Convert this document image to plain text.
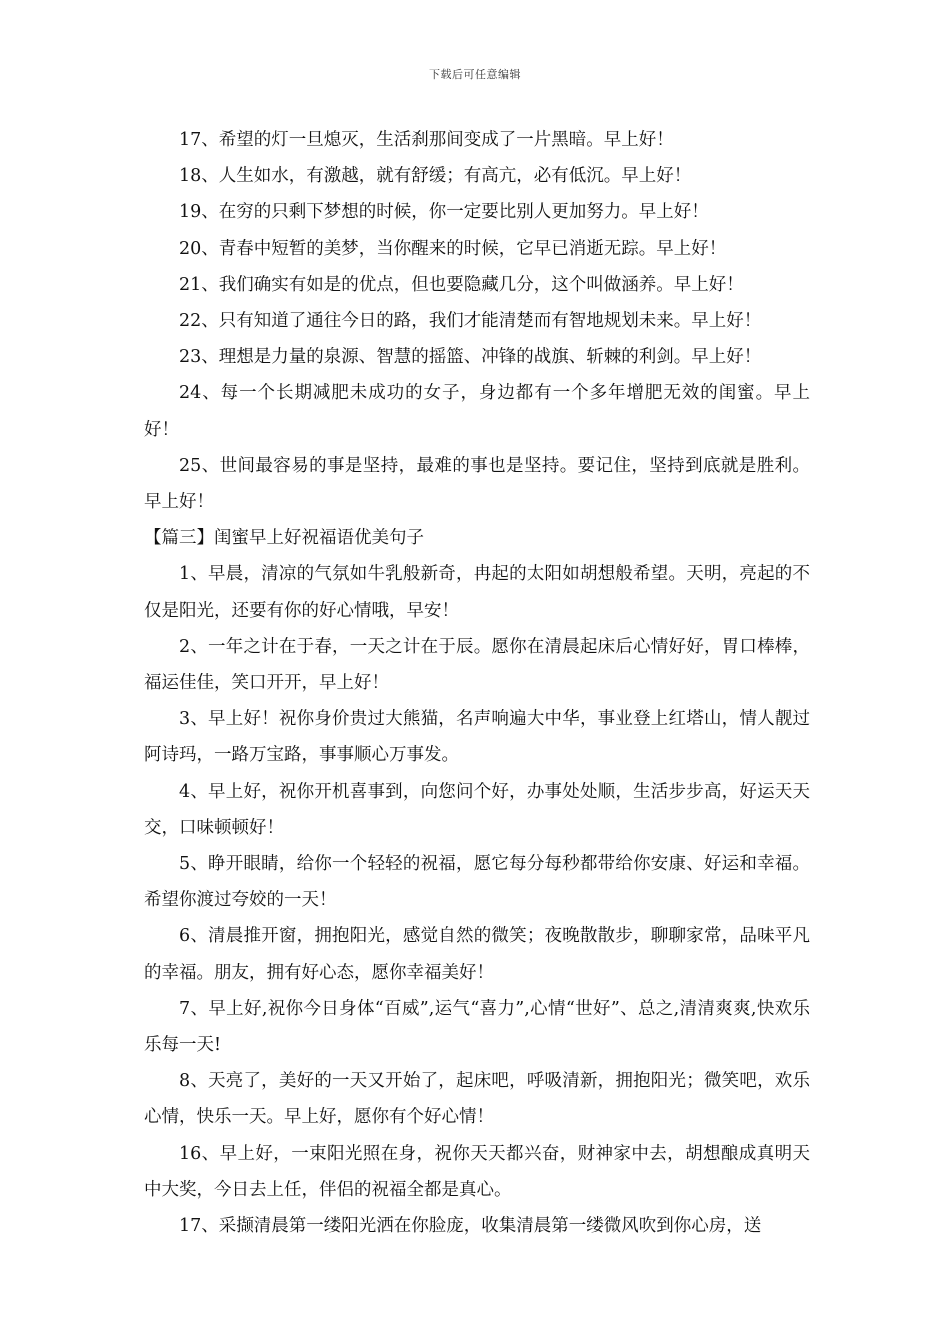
下载后可任意编辑

17、希望的灯一旦熄灭，生活刹那间变成了一片黑暗。早上好！

18、人生如水，有激越，就有舒缓；有高亢，必有低沉。早上好！

19、在穷的只剩下梦想的时候，你一定要比别人更加努力。早上好！

20、青春中短暂的美梦，当你醒来的时候，它早已消逝无踪。早上好！

21、我们确实有如是的优点，但也要隐藏几分，这个叫做涵养。早上好！

22、只有知道了通往今日的路，我们才能清楚而有智地规划未来。早上好！

23、理想是力量的泉源、智慧的摇篮、冲锋的战旗、斩棘的利剑。早上好！

24、每一个长期减肥未成功的女子，身边都有一个多年增肥无效的闺蜜。早上好！

25、世间最容易的事是坚持，最难的事也是坚持。要记住，坚持到底就是胜利。早上好！

【篇三】闺蜜早上好祝福语优美句子

1、早晨，清凉的气氛如牛乳般新奇，冉起的太阳如胡想般希望。天明，亮起的不仅是阳光，还要有你的好心情哦，早安！

2、一年之计在于春，一天之计在于辰。愿你在清晨起床后心情好好，胃口棒棒，福运佳佳，笑口开开，早上好！

3、早上好！祝你身价贵过大熊猫，名声响遍大中华，事业登上红塔山，情人靓过阿诗玛，一路万宝路，事事顺心万事发。

4、早上好，祝你开机喜事到，向您问个好，办事处处顺，生活步步高，好运天天交，口味顿顿好！

5、睁开眼睛，给你一个轻轻的祝福，愿它每分每秒都带给你安康、好运和幸福。希望你渡过夸姣的一天！

6、清晨推开窗，拥抱阳光，感觉自然的微笑；夜晚散散步，聊聊家常，品味平凡的幸福。朋友，拥有好心态，愿你幸福美好！

7、早上好,祝你今日身体“百威”,运气“喜力”,心情“世好”、总之,清清爽爽,快欢乐乐每一天!

8、天亮了，美好的一天又开始了，起床吧，呼吸清新，拥抱阳光；微笑吧，欢乐心情，快乐一天。早上好，愿你有个好心情！

16、早上好，一束阳光照在身，祝你天天都兴奋，财神家中去，胡想酿成真明天中大奖，今日去上任，伴侣的祝福全都是真心。

17、采撷清晨第一缕阳光洒在你脸庞，收集清晨第一缕微风吹到你心房，送
